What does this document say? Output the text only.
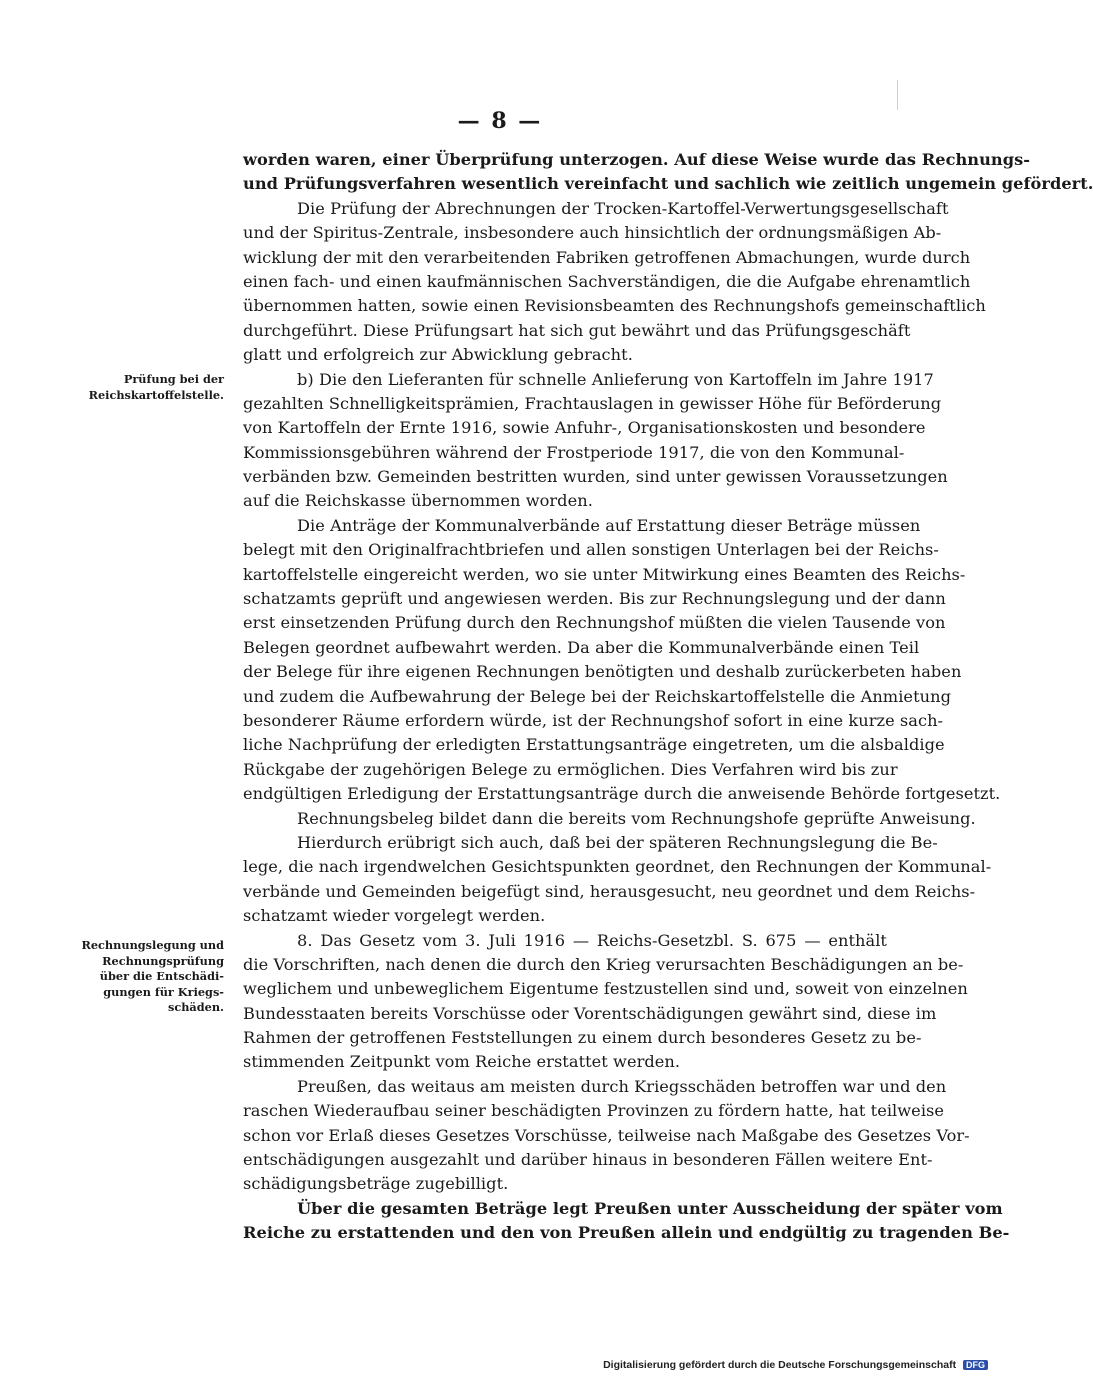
— 8 —
worden waren, einer Überprüfung unterzogen. Auf diese Weise wurde das Rechnungs-
und Prüfungsverfahren wesentlich vereinfacht und sachlich wie zeitlich ungemein gefördert.
Die Prüfung der Abrechnungen der Trocken-Kartoffel-Verwertungsgesellschaft
und der Spiritus-Zentrale, insbesondere auch hinsichtlich der ordnungsmäßigen Ab-
wicklung der mit den verarbeitenden Fabriken getroffenen Abmachungen, wurde durch
einen fach- und einen kaufmännischen Sachverständigen, die die Aufgabe ehrenamtlich
übernommen hatten, sowie einen Revisionsbeamten des Rechnungshofs gemeinschaftlich
durchgeführt. Diese Prüfungsart hat sich gut bewährt und das Prüfungsgeschäft
glatt und erfolgreich zur Abwicklung gebracht.
b) Die den Lieferanten für schnelle Anlieferung von Kartoffeln im Jahre 1917
gezahlten Schnelligkeitsprämien, Frachtauslagen in gewisser Höhe für Beförderung
von Kartoffeln der Ernte 1916, sowie Anfuhr-, Organisationskosten und besondere
Kommissionsgebühren während der Frostperiode 1917, die von den Kommunal-
verbänden bzw. Gemeinden bestritten wurden, sind unter gewissen Voraussetzungen
auf die Reichskasse übernommen worden.
Die Anträge der Kommunalverbände auf Erstattung dieser Beträge müssen
belegt mit den Originalfrachtbriefen und allen sonstigen Unterlagen bei der Reichs-
kartoffelstelle eingereicht werden, wo sie unter Mitwirkung eines Beamten des Reichs-
schatzamts geprüft und angewiesen werden. Bis zur Rechnungslegung und der dann
erst einsetzenden Prüfung durch den Rechnungshof müßten die vielen Tausende von
Belegen geordnet aufbewahrt werden. Da aber die Kommunalverbände einen Teil
der Belege für ihre eigenen Rechnungen benötigten und deshalb zurückerbeten haben
und zudem die Aufbewahrung der Belege bei der Reichskartoffelstelle die Anmietung
besonderer Räume erfordern würde, ist der Rechnungshof sofort in eine kurze sach-
liche Nachprüfung der erledigten Erstattungsanträge eingetreten, um die alsbaldige
Rückgabe der zugehörigen Belege zu ermöglichen. Dies Verfahren wird bis zur
endgültigen Erledigung der Erstattungsanträge durch die anweisende Behörde fortgesetzt.
Rechnungsbeleg bildet dann die bereits vom Rechnungshofe geprüfte Anweisung.
Hierdurch erübrigt sich auch, daß bei der späteren Rechnungslegung die Be-
lege, die nach irgendwelchen Gesichtspunkten geordnet, den Rechnungen der Kommunal-
verbände und Gemeinden beigefügt sind, herausgesucht, neu geordnet und dem Reichs-
schatzamt wieder vorgelegt werden.
8. Das Gesetz vom 3. Juli 1916 — Reichs-Gesetzbl. S. 675 — enthält
die Vorschriften, nach denen die durch den Krieg verursachten Beschädigungen an be-
weglichem und unbeweglichem Eigentume festzustellen sind und, soweit von einzelnen
Bundesstaaten bereits Vorschüsse oder Vorentschädigungen gewährt sind, diese im
Rahmen der getroffenen Feststellungen zu einem durch besonderes Gesetz zu be-
stimmenden Zeitpunkt vom Reiche erstattet werden.
Preußen, das weitaus am meisten durch Kriegsschäden betroffen war und den
raschen Wiederaufbau seiner beschädigten Provinzen zu fördern hatte, hat teilweise
schon vor Erlaß dieses Gesetzes Vorschüsse, teilweise nach Maßgabe des Gesetzes Vor-
entschädigungen ausgezahlt und darüber hinaus in besonderen Fällen weitere Ent-
schädigungsbeträge zugebilligt.
Über die gesamten Beträge legt Preußen unter Ausscheidung der später vom
Reiche zu erstattenden und den von Preußen allein und endgültig zu tragenden Be-
Prüfung bei der
Reichskartoffelstelle.
Rechnungslegung und
Rechnungsprüfung
über die Entschädi-
gungen für Kriegs-
schäden.
Digitalisierung gefördert durch die Deutsche Forschungsgemeinschaft DFG
